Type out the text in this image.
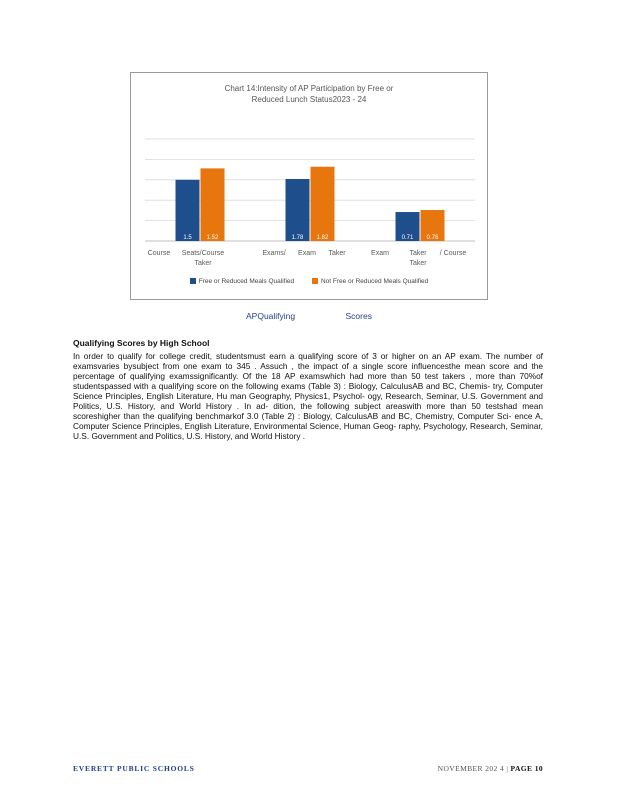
1.5 1.52	1.78 1.82	0.71 0.76
Course Seats/Course
Taker
Exams/ Exam Taker	Exam	Taker
Taker
/ Course
Chart 14:Intensity of AP Participation by Free or
Reduced Lunch Status2023 - 24
Free or Reduced Meals Qualified	Not Free or Reduced Meals Qualified
APQualifying	Scores
Qualifying Scores by High School

In order to qualify for college credit, studentsmust earn a qualifying score of 3 or higher on an AP exam. The number of examsvaries bysubject from one exam to 345 . Assuch , the impact of a single score influencesthe mean score and the percentage of qualifying examssignificantly. Of the 18 AP examswhich had more than 50 test takers , more than 70%of studentspassed with a qualifying score on the following exams (Table 3) : Biology, CalculusAB and BC, Chemis- try, Computer Science Principles, English Literature, Hu man Geography, Physics1, Psychol- ogy, Research, Seminar, U.S. Government and Politics, U.S. History, and World History . In ad- dition, the following subject areaswith more than 50 testshad mean scoreshigher than the qualifying benchmarkof 3.0 (Table 2) : Biology, CalculusAB and BC, Chemistry, Computer Sci- ence A, Computer Science Principles, English Literature, Environmental Science, Human Geog- raphy, Psychology, Research, Seminar, U.S. Government and Politics, U.S. History, and World History .

EVERETT PUBLIC SCHOOLS	NOVEMBER 202 4 | PAGE 10
